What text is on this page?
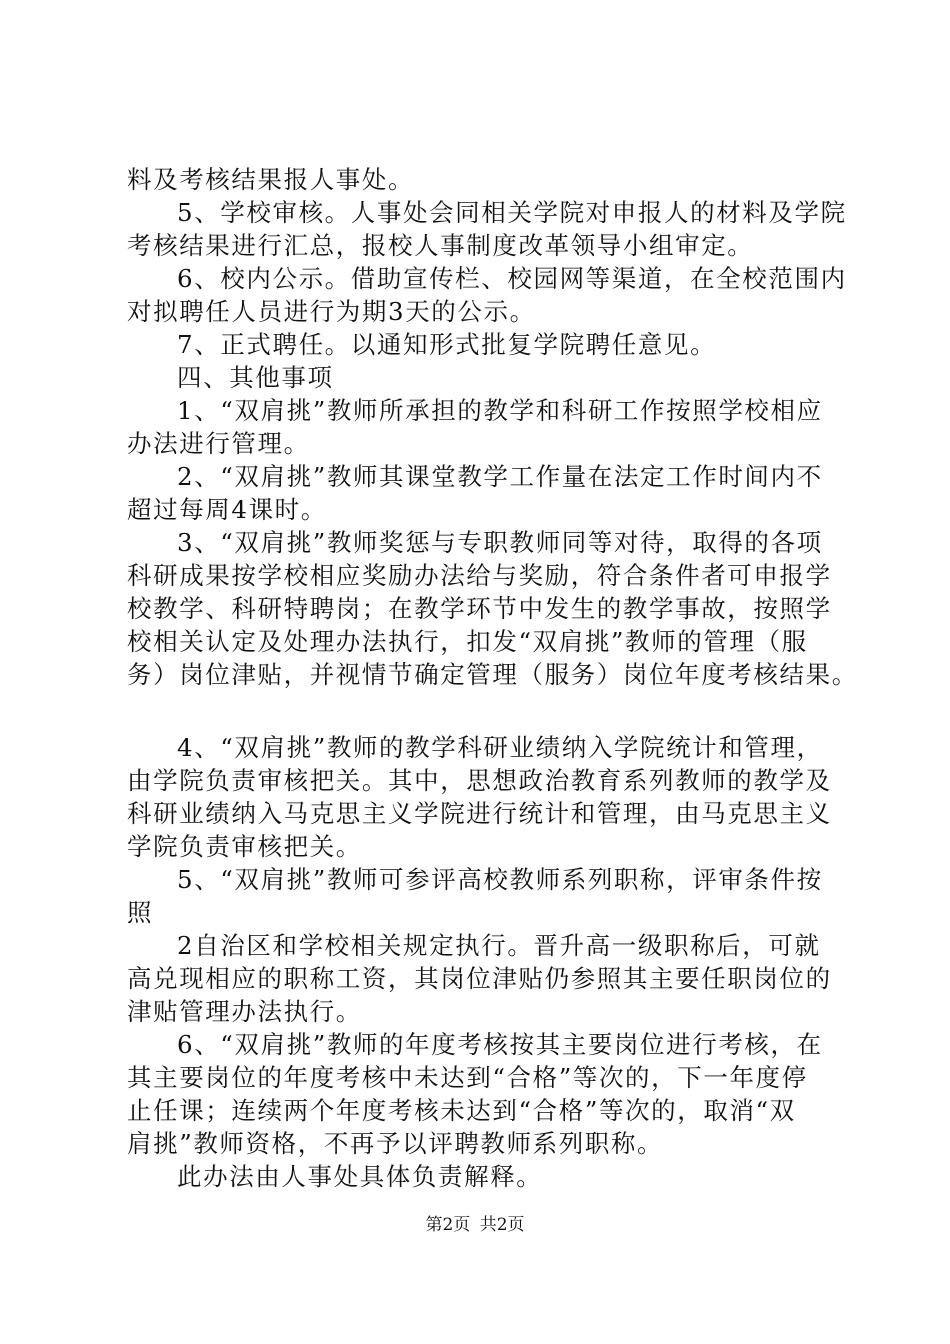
料及考核结果报人事处。
5、学校审核。人事处会同相关学院对申报人的材料及学院
考核结果进行汇总，报校人事制度改革领导小组审定。
6、校内公示。借助宣传栏、校园网等渠道，在全校范围内
对拟聘任人员进行为期3天的公示。
7、正式聘任。以通知形式批复学院聘任意见。
四、其他事项
1、“双肩挑”教师所承担的教学和科研工作按照学校相应
办法进行管理。
2、“双肩挑”教师其课堂教学工作量在法定工作时间内不
超过每周4课时。
3、“双肩挑”教师奖惩与专职教师同等对待，取得的各项
科研成果按学校相应奖励办法给与奖励，符合条件者可申报学
校教学、科研特聘岗；在教学环节中发生的教学事故，按照学
校相关认定及处理办法执行，扣发“双肩挑”教师的管理（服
务）岗位津贴，并视情节确定管理（服务）岗位年度考核结果。
4、“双肩挑”教师的教学科研业绩纳入学院统计和管理，
由学院负责审核把关。其中，思想政治教育系列教师的教学及
科研业绩纳入马克思主义学院进行统计和管理，由马克思主义
学院负责审核把关。
5、“双肩挑”教师可参评高校教师系列职称，评审条件按
照
2自治区和学校相关规定执行。晋升高一级职称后，可就
高兑现相应的职称工资，其岗位津贴仍参照其主要任职岗位的
津贴管理办法执行。
6、“双肩挑”教师的年度考核按其主要岗位进行考核，在
其主要岗位的年度考核中未达到“合格”等次的，下一年度停
止任课；连续两个年度考核未达到“合格”等次的，取消“双
肩挑”教师资格，不再予以评聘教师系列职称。
此办法由人事处具体负责解释。
第2页 共2页
